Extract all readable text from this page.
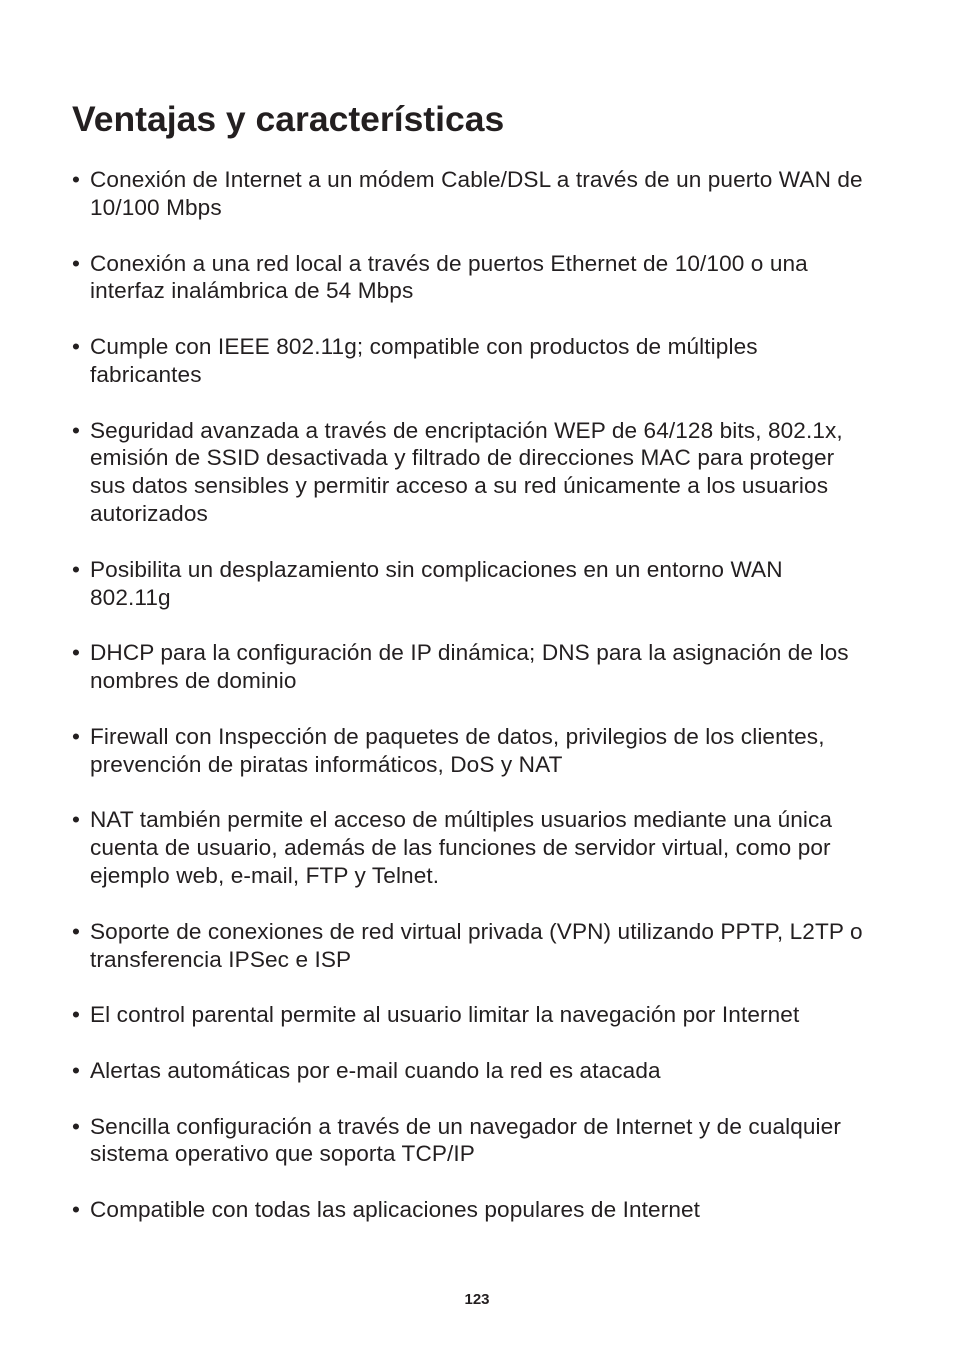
Ventajas y características
• Conexión de Internet a un módem Cable/DSL a través de un puerto WAN de
10/100 Mbps
• Conexión a una red local a través de puertos Ethernet de 10/100 o una
interfaz inalámbrica de 54 Mbps
• Cumple con IEEE 802.11g; compatible con productos de múltiples
fabricantes
• Seguridad avanzada a través de encriptación WEP de 64/128 bits, 802.1x,
emisión de SSID desactivada y filtrado de direcciones MAC para proteger
sus datos sensibles y permitir acceso a su red únicamente a los usuarios
autorizados
• Posibilita un desplazamiento sin complicaciones en un entorno WAN
802.11g
• DHCP para la configuración de IP dinámica; DNS para la asignación de los
nombres de dominio
• Firewall con Inspección de paquetes de datos, privilegios de los clientes,
prevención de piratas informáticos, DoS y NAT
• NAT también permite el acceso de múltiples usuarios mediante una única
cuenta de usuario, además de las funciones de servidor virtual, como por
ejemplo web, e-mail, FTP y Telnet.
• Soporte de conexiones de red virtual privada (VPN) utilizando PPTP, L2TP o
transferencia IPSec e ISP
• El control parental permite al usuario limitar la navegación por Internet
• Alertas automáticas por e-mail cuando la red es atacada
• Sencilla configuración a través de un navegador de Internet y de cualquier
sistema operativo que soporta TCP/IP
• Compatible con todas las aplicaciones populares de Internet
123
